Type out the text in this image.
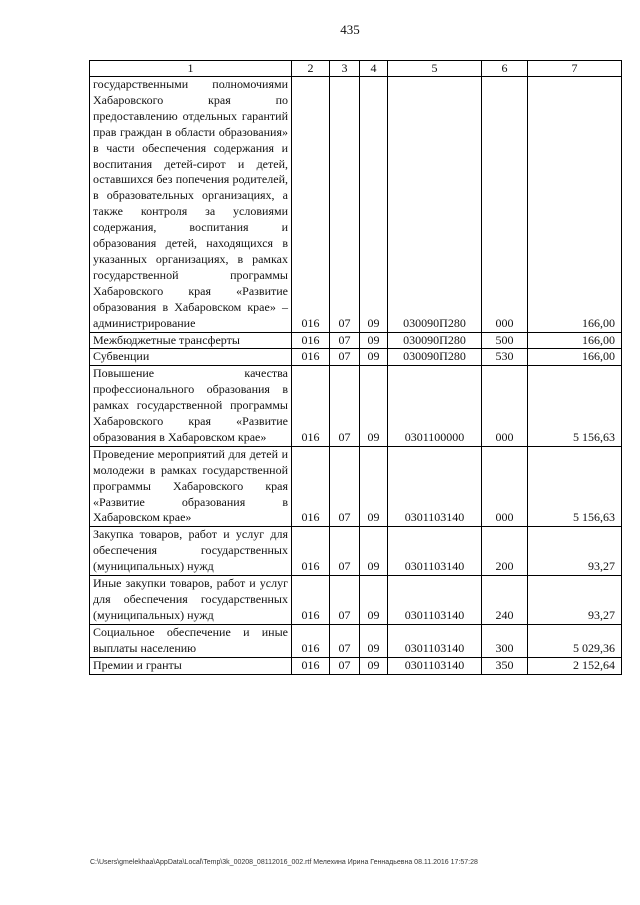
435
1	2	3	4	5	6	7
государственными полномочиями Хабаровского края по предоставлению отдельных гарантий прав граждан в области образования» в части обеспечения содержания и воспитания детей-сирот и детей, оставшихся без попечения родителей, в образовательных организациях, а также контроля за условиями содержания, воспитания и образования детей, находящихся в указанных организациях, в рамках государственной программы Хабаровского края «Развитие образования в Хабаровском крае» – администрирование	016	07	09	030090П280	000	166,00
Межбюджетные трансферты	016	07	09	030090П280	500	166,00
Субвенции	016	07	09	030090П280	530	166,00
Повышение качества профессионального образования в рамках государственной программы Хабаровского края «Развитие образования в Хабаровском крае»	016	07	09	0301100000	000	5 156,63
Проведение мероприятий для детей и молодежи в рамках государственной программы Хабаровского края «Развитие образования в Хабаровском крае»	016	07	09	0301103140	000	5 156,63
Закупка товаров, работ и услуг для обеспечения государственных (муниципальных) нужд	016	07	09	0301103140	200	93,27
Иные закупки товаров, работ и услуг для обеспечения государственных (муниципальных) нужд	016	07	09	0301103140	240	93,27
Социальное обеспечение и иные выплаты населению	016	07	09	0301103140	300	5 029,36
Премии и гранты	016	07	09	0301103140	350	2 152,64
C:\Users\gmelekhaa\AppData\Local\Temp\3k_00208_08112016_002.rtf Мелехина Ирина Геннадьевна 08.11.2016 17:57:28
